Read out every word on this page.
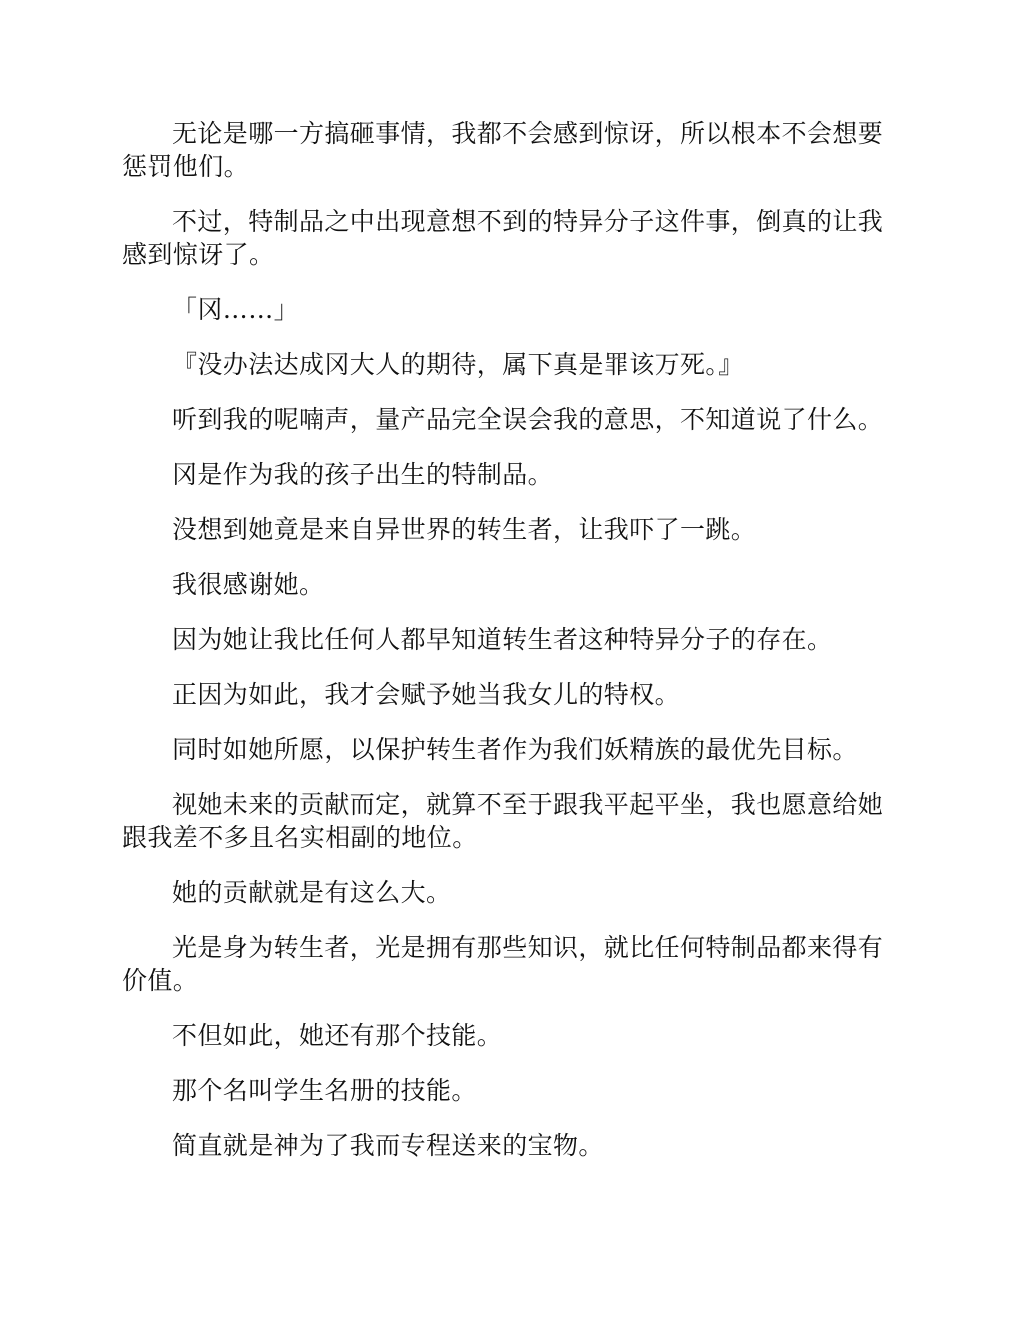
无论是哪一方搞砸事情，我都不会感到惊讶，所以根本不会想要惩罚他们。

不过，特制品之中出现意想不到的特异分子这件事，倒真的让我感到惊讶了。

「冈……」

『没办法达成冈大人的期待，属下真是罪该万死。』

听到我的呢喃声，量产品完全误会我的意思，不知道说了什么。

冈是作为我的孩子出生的特制品。

没想到她竟是来自异世界的转生者，让我吓了一跳。

我很感谢她。

因为她让我比任何人都早知道转生者这种特异分子的存在。

正因为如此，我才会赋予她当我女儿的特权。

同时如她所愿，以保护转生者作为我们妖精族的最优先目标。

视她未来的贡献而定，就算不至于跟我平起平坐，我也愿意给她跟我差不多且名实相副的地位。

她的贡献就是有这么大。

光是身为转生者，光是拥有那些知识，就比任何特制品都来得有价值。

不但如此，她还有那个技能。

那个名叫学生名册的技能。

简直就是神为了我而专程送来的宝物。
